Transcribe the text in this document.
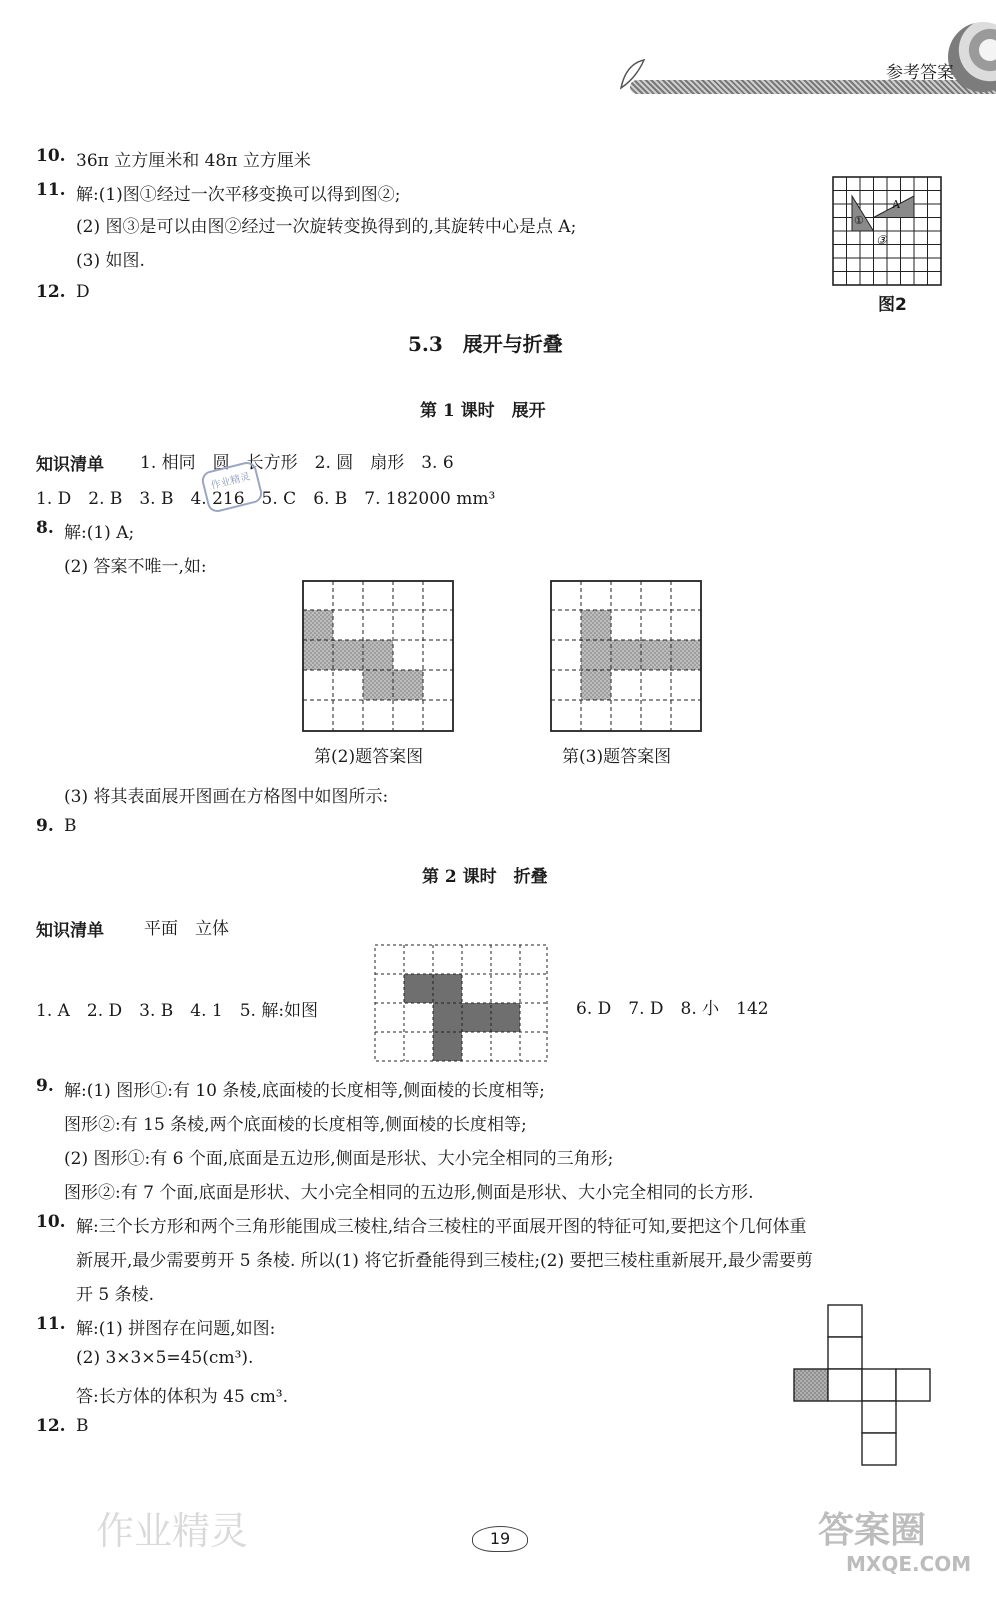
参考答案
10. 36π 立方厘米和 48π 立方厘米
11. 解:(1)图①经过一次平移变换可以得到图②;
(2) 图③是可以由图②经过一次旋转变换得到的,其旋转中心是点 A;
(3) 如图.
12. D
①
A
③
图2
5.3　展开与折叠
第 1 课时　展开
知识清单 1. 相同　圆　长方形　2. 圆　扇形　3. 6
作业精灵
1. D　2. B　3. B　4. 216　5. C　6. B　7. 182000 mm³
8. 解:(1) A;
(2) 答案不唯一,如:
第(2)题答案图	第(3)题答案图
(3) 将其表面展开图画在方格图中如图所示:
9. B
第 2 课时　折叠
知识清单 平面　立体
1. A　2. D　3. B　4. 1　5. 解:如图	6. D　7. D　8. 小　142
9. 解:(1) 图形①:有 10 条棱,底面棱的长度相等,侧面棱的长度相等;
图形②:有 15 条棱,两个底面棱的长度相等,侧面棱的长度相等;
(2) 图形①:有 6 个面,底面是五边形,侧面是形状、大小完全相同的三角形;
图形②:有 7 个面,底面是形状、大小完全相同的五边形,侧面是形状、大小完全相同的长方形.
10. 解:三个长方形和两个三角形能围成三棱柱,结合三棱柱的平面展开图的特征可知,要把这个几何体重
新展开,最少需要剪开 5 条棱. 所以(1) 将它折叠能得到三棱柱;(2) 要把三棱柱重新展开,最少需要剪
开 5 条棱.
11. 解:(1) 拼图存在问题,如图:
(2) 3×3×5=45(cm³).
答:长方体的体积为 45 cm³.
12. B
作业精灵	19	答案圈
MXQE.COM
